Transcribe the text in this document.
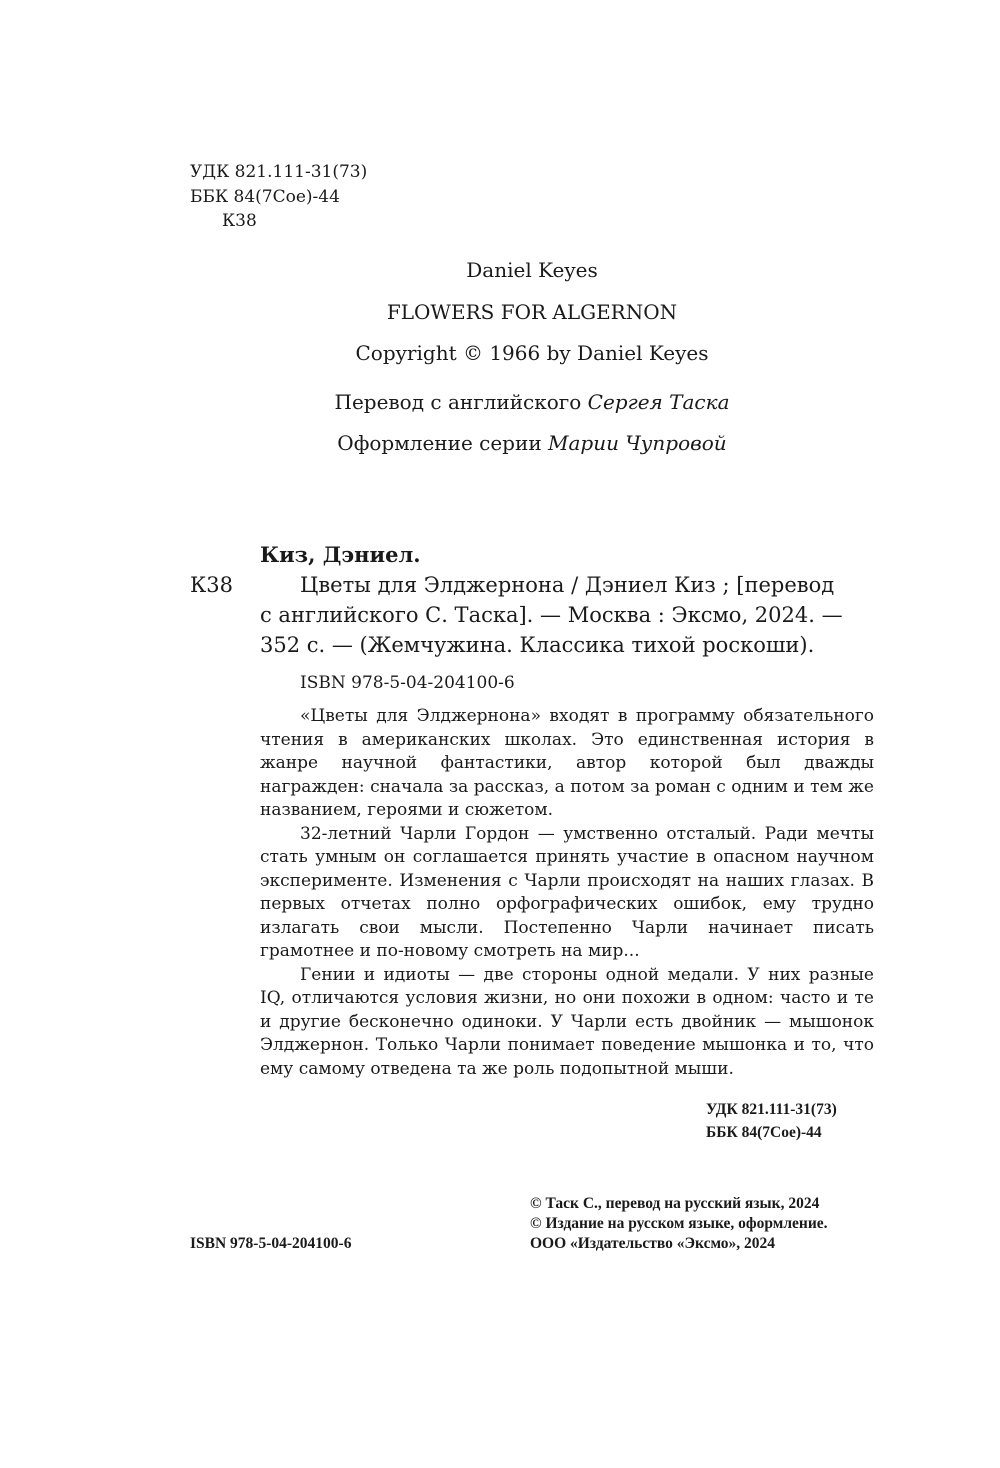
УДК 821.111-31(73)
ББК 84(7Сое)-44
К38
Daniel Keyes
FLOWERS FOR ALGERNON
Copyright © 1966 by Daniel Keyes
Перевод с английского Сергея Таска
Оформление серии Марии Чупровой
Киз, Дэниел.
К38	Цветы для Элджернона / Дэниел Киз ; [перевод
с английского С. Таска]. — Москва : Эксмо, 2024. —
352 с. — (Жемчужина. Классика тихой роскоши).
ISBN 978-5-04-204100-6

«Цветы для Элджернона» входят в программу обязательного чтения в американских школах. Это единственная история в жанре научной фантастики, автор которой был дважды награжден: сначала за рассказ, а потом за роман с одним и тем же названием, героями и сюжетом.

32-летний Чарли Гордон — умственно отсталый. Ради мечты стать умным он соглашается принять участие в опасном научном эксперименте. Изменения с Чарли происходят на наших глазах. В первых отчетах полно орфографических ошибок, ему трудно излагать свои мысли. Постепенно Чарли начинает писать грамотнее и по-новому смотреть на мир...

Гении и идиоты — две стороны одной медали. У них разные IQ, отличаются условия жизни, но они похожи в одном: часто и те и другие бесконечно одиноки. У Чарли есть двойник — мышонок Элджернон. Только Чарли понимает поведение мышонка и то, что ему самому отведена та же роль подопытной мыши.

УДК 821.111-31(73)
ББК 84(7Сое)-44
ISBN 978-5-04-204100-6
© Таск С., перевод на русский язык, 2024
© Издание на русском языке, оформление.
ООО «Издательство «Эксмо», 2024
